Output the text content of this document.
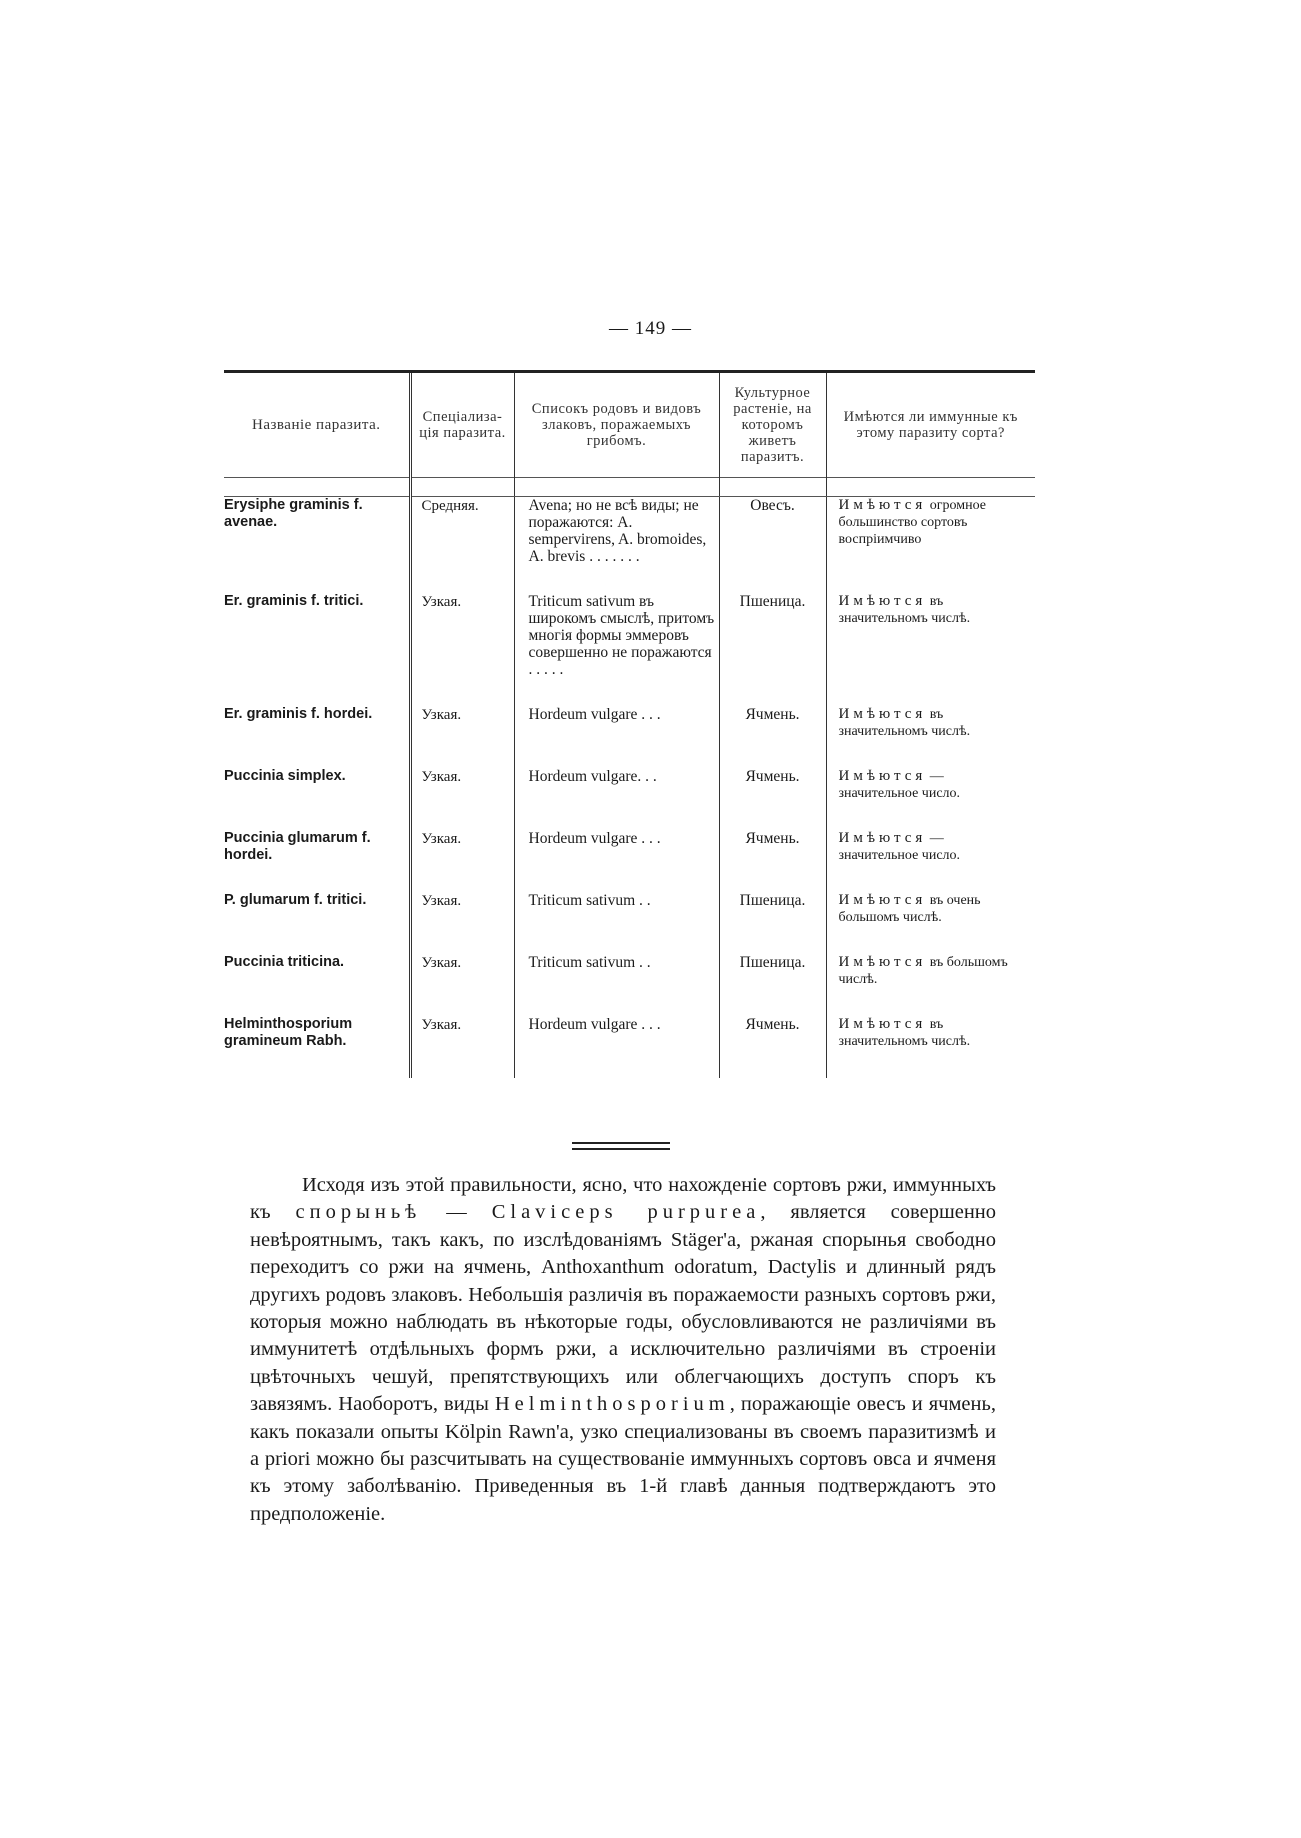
— 149 —
Названіе паразита.	Спеціализа-ція паразита.	Списокъ родовъ и видовъ злаковъ, поражаемыхъ грибомъ.	Культурное растеніе, на которомъ живетъ паразитъ.	Имѣются ли иммунные къ этому паразиту сорта?

Erysiphe graminis f. avenae.	Средняя.	Avena; но не всѣ виды; не поражаются: A. sempervirens, A. bromoides, A. brevis . . . . . . .	Овесъ.	Имѣются огромное большинство сортовъ воспріимчиво

Er. graminis f. tritici.	Узкая.	Triticum sativum въ широкомъ смыслѣ, притомъ многія формы эммеровъ совершенно не поражаются . . . . .	Пшеница.	Имѣются въ значительномъ числѣ.

Er. graminis f. hordei.	Узкая.	Hordeum vulgare . . .	Ячмень.	Имѣются въ значительномъ числѣ.

Puccinia simplex.	Узкая.	Hordeum vulgare. . .	Ячмень.	Имѣются — значительное число.

Puccinia glumarum f. hordei.	Узкая.	Hordeum vulgare . . .	Ячмень.	Имѣются — значительное число.

P. glumarum f. tritici.	Узкая.	Triticum sativum . .	Пшеница.	Имѣются въ очень большомъ числѣ.

Puccinia triticina.	Узкая.	Triticum sativum . .	Пшеница.	Имѣются въ большомъ числѣ.

Helminthosporium gramineum Rabh.	Узкая.	Hordeum vulgare . . .	Ячмень.	Имѣются въ значительномъ числѣ.

Исходя изъ этой правильности, ясно, что нахожденіе сортовъ ржи, иммунныхъ къ спорыньѣ — Claviceps purpurea, является совершенно невѣроятнымъ, такъ какъ, по изслѣдованіямъ Stäger'a, ржаная спорынья свободно переходитъ со ржи на ячмень, Anthoxanthum odoratum, Dactylis и длинный рядъ другихъ родовъ злаковъ. Небольшія различія въ поражаемости разныхъ сортовъ ржи, которыя можно наблюдать въ нѣкоторые годы, обусловливаются не различіями въ иммунитетѣ отдѣльныхъ формъ ржи, а исключительно различіями въ строеніи цвѣточныхъ чешуй, препятствующихъ или облегчающихъ доступъ споръ къ завязямъ. Наоборотъ, виды Helminthosporium, поражающіе овесъ и ячмень, какъ показали опыты Kölpin Rawn'a, узко специализованы въ своемъ паразитизмѣ и a priori можно бы разсчитывать на существованіе иммунныхъ сортовъ овса и ячменя къ этому заболѣванію. Приведенныя въ 1-й главѣ данныя подтверждаютъ это предположеніе.
